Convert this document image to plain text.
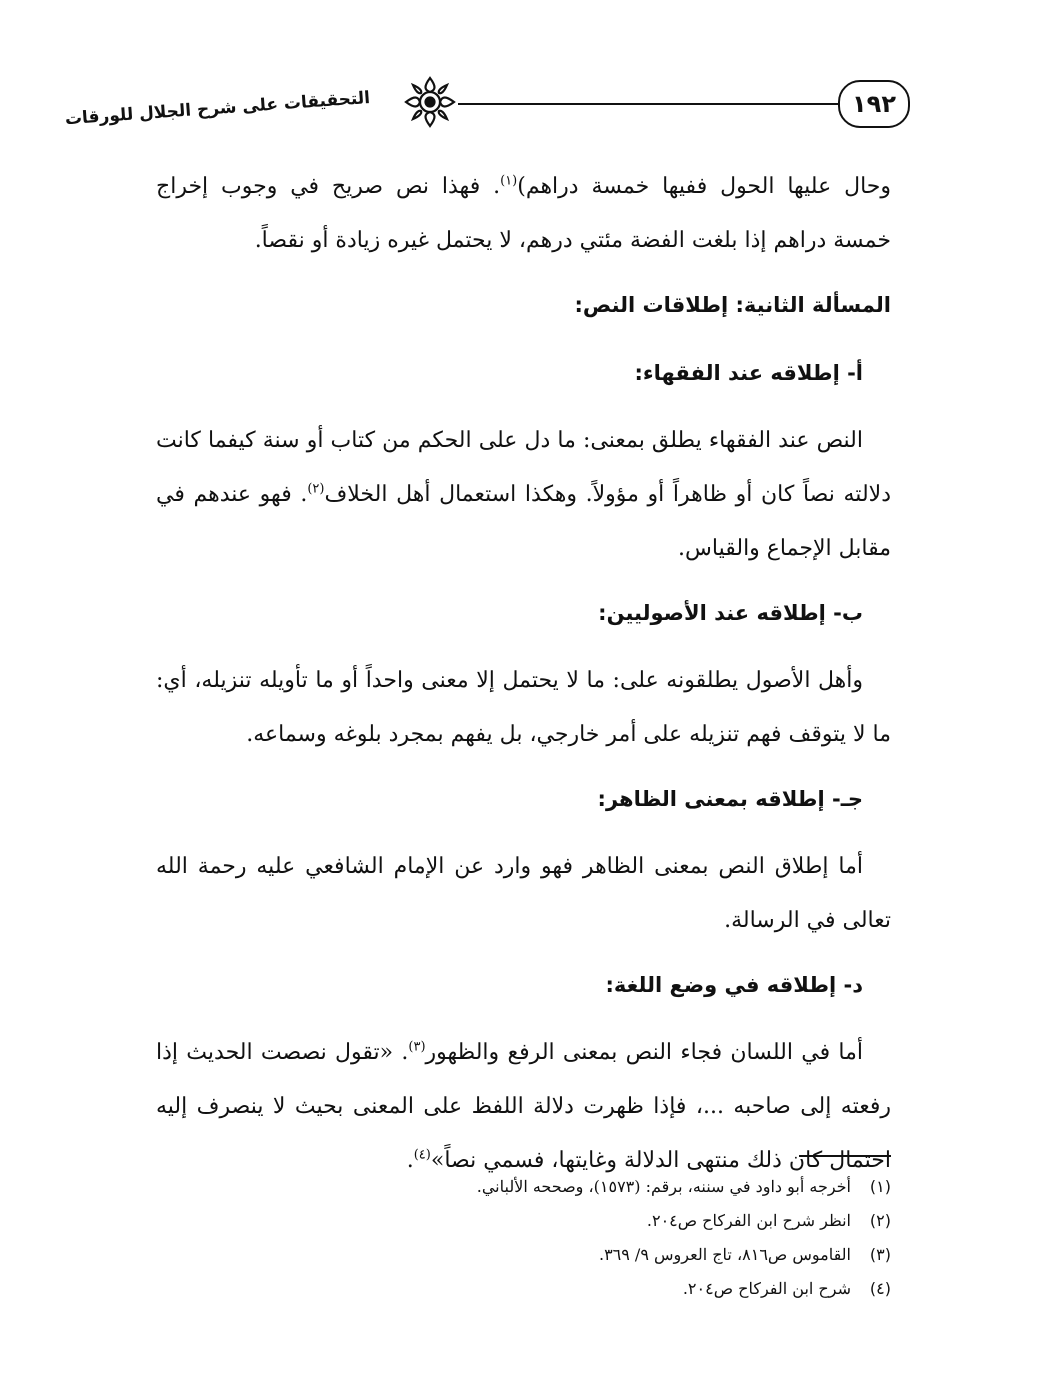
١٩٢
التحقيقات على شرح الجلال للورقات

وحال عليها الحول ففيها خمسة دراهم)$^{(١)}$. فهذا نص صريح في وجوب إخراج خمسة دراهم إذا بلغت الفضة مئتي درهم، لا يحتمل غيره زيادة أو نقصاً.

المسألة الثانية: إطلاقات النص:

أ- إطلاقه عند الفقهاء:

النص عند الفقهاء يطلق بمعنى: ما دل على الحكم من كتاب أو سنة كيفما كانت دلالته نصاً كان أو ظاهراً أو مؤولاً. وهكذا استعمال أهل الخلاف$^{(٢)}$. فهو عندهم في مقابل الإجماع والقياس.

ب- إطلاقه عند الأصوليين:

وأهل الأصول يطلقونه على: ما لا يحتمل إلا معنى واحداً أو ما تأويله تنزيله، أي: ما لا يتوقف فهم تنزيله على أمر خارجي، بل يفهم بمجرد بلوغه وسماعه.

جـ- إطلاقه بمعنى الظاهر:

أما إطلاق النص بمعنى الظاهر فهو وارد عن الإمام الشافعي عليه رحمة الله تعالى في الرسالة.

د- إطلاقه في وضع اللغة:

أما في اللسان فجاء النص بمعنى الرفع والظهور$^{(٣)}$. «تقول نصصت الحديث إذا رفعته إلى صاحبه ...، فإذا ظهرت دلالة اللفظ على المعنى بحيث لا ينصرف إليه احتمال كان ذلك منتهى الدلالة وغايتها، فسمي نصاً»$^{(٤)}$.

(١)
أخرجه أبو داود في سننه، برقم: (١٥٧٣)، وصححه الألباني.
(٢)
انظر شرح ابن الفركاح ص٢٠٤.
(٣)
القاموس ص٨١٦، تاج العروس ٩/ ٣٦٩.
(٤)
شرح ابن الفركاح ص٢٠٤.
